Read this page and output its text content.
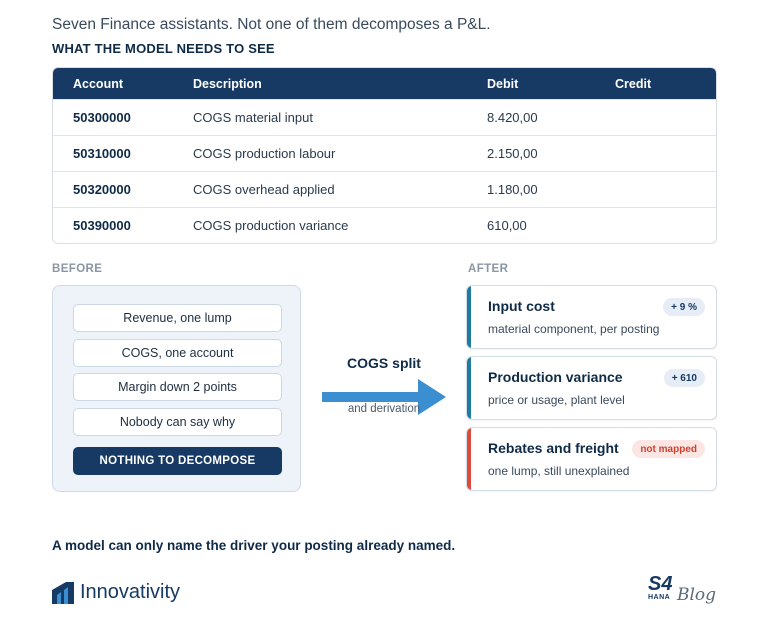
Seven Finance assistants. Not one of them decomposes a P&L.
WHAT THE MODEL NEEDS TO SEE
Account	Description	Debit	Credit
50300000	COGS material input	8.420,00
50310000	COGS production labour	2.150,00
50320000	COGS overhead applied	1.180,00
50390000	COGS production variance	610,00
BEFORE	AFTER
Revenue, one lump
COGS, one account
Margin down 2 points
Nobody can say why
NOTHING TO DECOMPOSE
COGS split
and derivation
Input cost
material component, per posting
+ 9 %
Production variance
price or usage, plant level
+ 610
Rebates and freight
one lump, still unexplained
not mapped
A model can only name the driver your posting already named.
Innovativity	S4
HANA Blog
